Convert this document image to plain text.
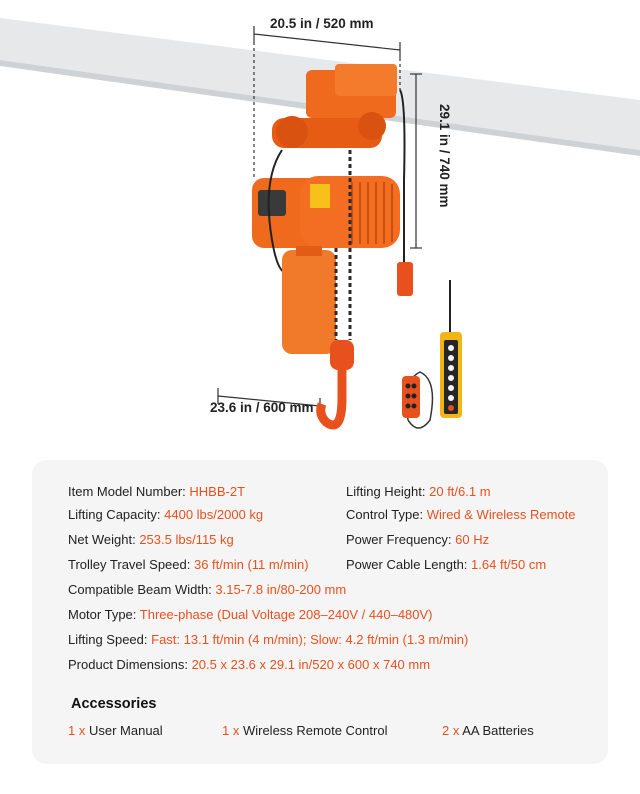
20.5 in / 520 mm
29.1 in / 740 mm
23.6 in / 600 mm
Item Model Number: HHBB-2T	Lifting Height: 20 ft/6.1 m
Lifting Capacity: 4400 lbs/2000 kg	Control Type: Wired & Wireless Remote
Net Weight: 253.5 lbs/115 kg	Power Frequency: 60 Hz
Trolley Travel Speed: 36 ft/min (11 m/min)	Power Cable Length: 1.64 ft/50 cm
Compatible Beam Width: 3.15-7.8 in/80-200 mm
Motor Type: Three-phase (Dual Voltage 208–240V / 440–480V)
Lifting Speed: Fast: 13.1 ft/min (4 m/min); Slow: 4.2 ft/min (1.3 m/min)
Product Dimensions: 20.5 x 23.6 x 29.1 in/520 x 600 x 740 mm
Accessories
1 x User Manual	1 x Wireless Remote Control	2 x AA Batteries
